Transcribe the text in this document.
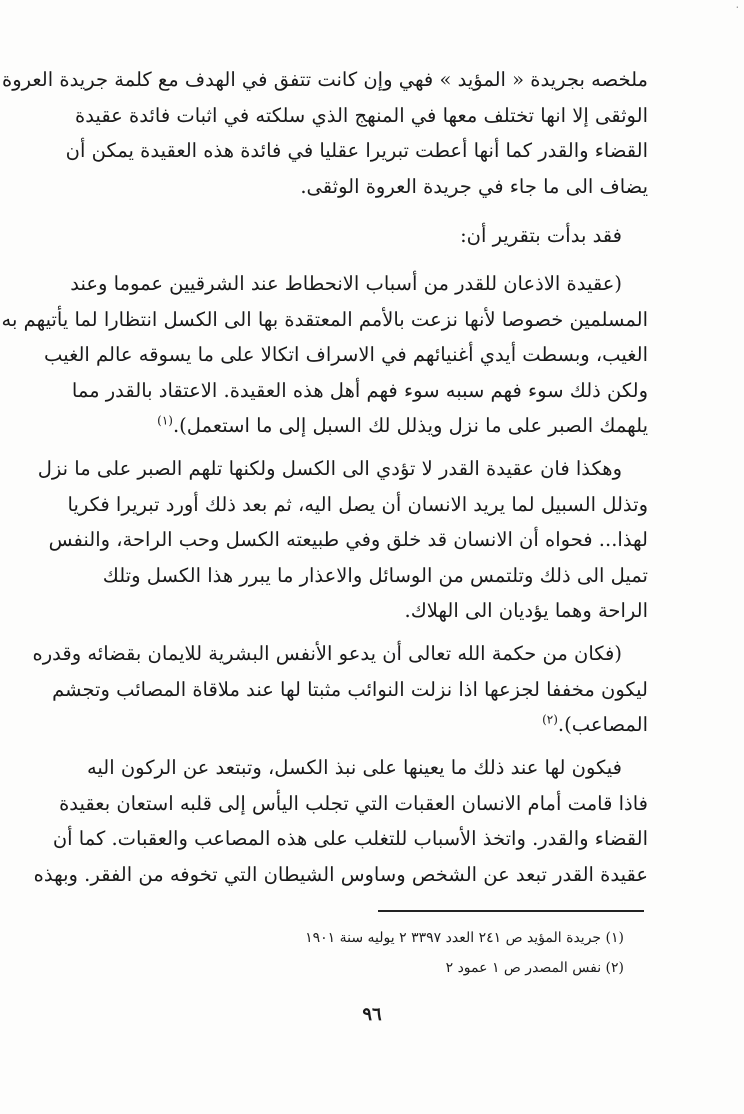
٠
ملخصه بجريدة « المؤيد » فهي وإن كانت تتفق في الهدف مع كلمة جريدة العروة
الوثقى إلا انها تختلف معها في المنهج الذي سلكته في اثبات فائدة عقيدة
القضاء والقدر كما أنها أعطت تبريرا عقليا في فائدة هذه العقيدة يمكن أن
يضاف الى ما جاء في جريدة العروة الوثقى.
فقد بدأت بتقرير أن:
(عقيدة الاذعان للقدر من أسباب الانحطاط عند الشرقيين عموما وعند
المسلمين خصوصا لأنها نزعت بالأمم المعتقدة بها الى الكسل انتظارا لما يأتيهم به
الغيب، وبسطت أيدي أغنيائهم في الاسراف اتكالا على ما يسوقه عالم الغيب
ولكن ذلك سوء فهم سببه سوء فهم أهل هذه العقيدة. الاعتقاد بالقدر مما
يلهمك الصبر على ما نزل ويذلل لك السبل إلى ما استعمل).$^{(١)}$
وهكذا فان عقيدة القدر لا تؤدي الى الكسل ولكنها تلهم الصبر على ما نزل
وتذلل السبيل لما يريد الانسان أن يصل اليه، ثم بعد ذلك أورد تبريرا فكريا
لهذا... فحواه أن الانسان قد خلق وفي طبيعته الكسل وحب الراحة، والنفس
تميل الى ذلك وتلتمس من الوسائل والاعذار ما يبرر هذا الكسل وتلك
الراحة وهما يؤديان الى الهلاك.
(فكان من حكمة الله تعالى أن يدعو الأنفس البشرية للايمان بقضائه وقدره
ليكون مخففا لجزعها اذا نزلت النوائب مثبتا لها عند ملاقاة المصائب وتجشم
المصاعب).$^{(٢)}$
فيكون لها عند ذلك ما يعينها على نبذ الكسل، وتبتعد عن الركون اليه
فاذا قامت أمام الانسان العقبات التي تجلب اليأس إلى قلبه استعان بعقيدة
القضاء والقدر. واتخذ الأسباب للتغلب على هذه المصاعب والعقبات. كما أن
عقيدة القدر تبعد عن الشخص وساوس الشيطان التي تخوفه من الفقر. وبهذه
(١) جريدة المؤيد ص ٢٤١ العدد ٣٣٩٧ ٢ يوليه سنة ١٩٠١
(٢) نفس المصدر ص ١ عمود ٢
٩٦
